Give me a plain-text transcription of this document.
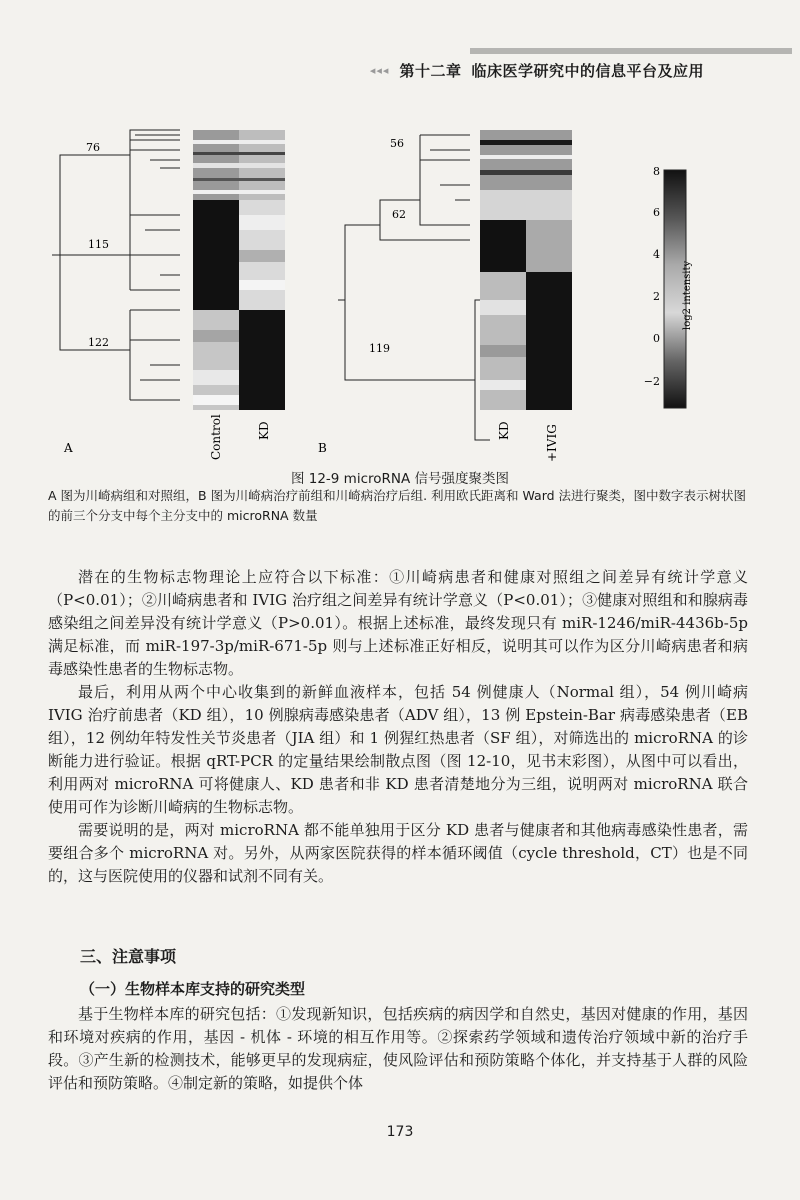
◂◂◂ 第十二章 临床医学研究中的信息平台及应用
76
115
122
Control	KD
A
56
62
119
KD	+IVIG
B
8
6
4
2
0
−2
log2 intensity
图 12-9 microRNA 信号强度聚类图
A 图为川崎病组和对照组，B 图为川崎病治疗前组和川崎病治疗后组. 利用欧氏距离和 Ward 法进行聚类，图中数字表示树状图的前三个分支中每个主分支中的 microRNA 数量

潜在的生物标志物理论上应符合以下标准：①川崎病患者和健康对照组之间差异有统计学意义（P<0.01）；②川崎病患者和 IVIG 治疗组之间差异有统计学意义（P<0.01）；③健康对照组和和腺病毒感染组之间差异没有统计学意义（P>0.01）。根据上述标准，最终发现只有 miR-1246/miR-4436b-5p 满足标准，而 miR-197-3p/miR-671-5p 则与上述标准正好相反，说明其可以作为区分川崎病患者和病毒感染性患者的生物标志物。

最后，利用从两个中心收集到的新鲜血液样本，包括 54 例健康人（Normal 组），54 例川崎病 IVIG 治疗前患者（KD 组），10 例腺病毒感染患者（ADV 组），13 例 Epstein-Bar 病毒感染患者（EB 组），12 例幼年特发性关节炎患者（JIA 组）和 1 例猩红热患者（SF 组），对筛选出的 microRNA 的诊断能力进行验证。根据 qRT-PCR 的定量结果绘制散点图（图 12-10，见书末彩图），从图中可以看出，利用两对 microRNA 可将健康人、KD 患者和非 KD 患者清楚地分为三组，说明两对 microRNA 联合使用可作为诊断川崎病的生物标志物。

需要说明的是，两对 microRNA 都不能单独用于区分 KD 患者与健康者和其他病毒感染性患者，需要组合多个 microRNA 对。另外，从两家医院获得的样本循环阈值（cycle threshold，CT）也是不同的，这与医院使用的仪器和试剂不同有关。

三、注意事项
（一）生物样本库支持的研究类型

基于生物样本库的研究包括：①发现新知识，包括疾病的病因学和自然史，基因对健康的作用，基因和环境对疾病的作用，基因 - 机体 - 环境的相互作用等。②探索药学领域和遗传治疗领域中新的治疗手段。③产生新的检测技术，能够更早的发现病症，使风险评估和预防策略个体化，并支持基于人群的风险评估和预防策略。④制定新的策略，如提供个体

173
